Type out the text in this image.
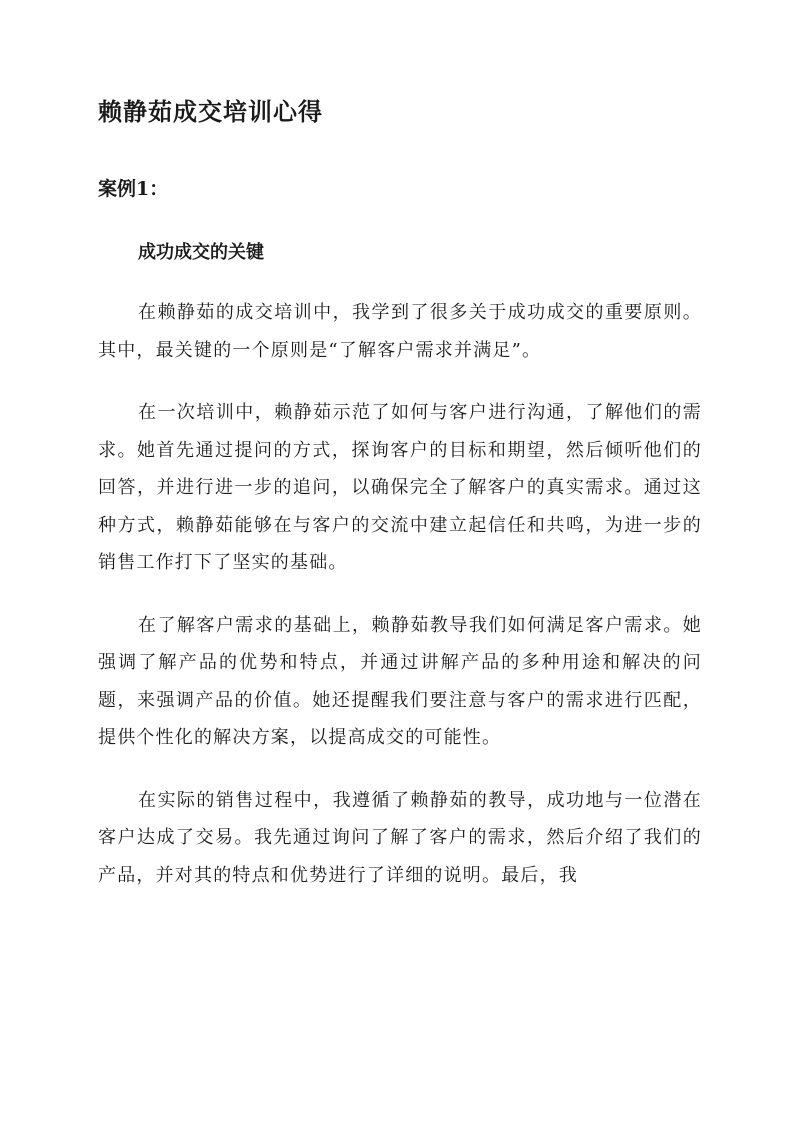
赖静茹成交培训心得
案例1：
成功成交的关键

在赖静茹的成交培训中，我学到了很多关于成功成交的重要原则。其中，最关键的一个原则是“了解客户需求并满足”。

在一次培训中，赖静茹示范了如何与客户进行沟通，了解他们的需求。她首先通过提问的方式，探询客户的目标和期望，然后倾听他们的回答，并进行进一步的追问，以确保完全了解客户的真实需求。通过这种方式，赖静茹能够在与客户的交流中建立起信任和共鸣，为进一步的销售工作打下了坚实的基础。

在了解客户需求的基础上，赖静茹教导我们如何满足客户需求。她强调了解产品的优势和特点，并通过讲解产品的多种用途和解决的问题，来强调产品的价值。她还提醒我们要注意与客户的需求进行匹配，提供个性化的解决方案，以提高成交的可能性。

在实际的销售过程中，我遵循了赖静茹的教导，成功地与一位潜在客户达成了交易。我先通过询问了解了客户的需求，然后介绍了我们的产品，并对其的特点和优势进行了详细的说明。最后，我
